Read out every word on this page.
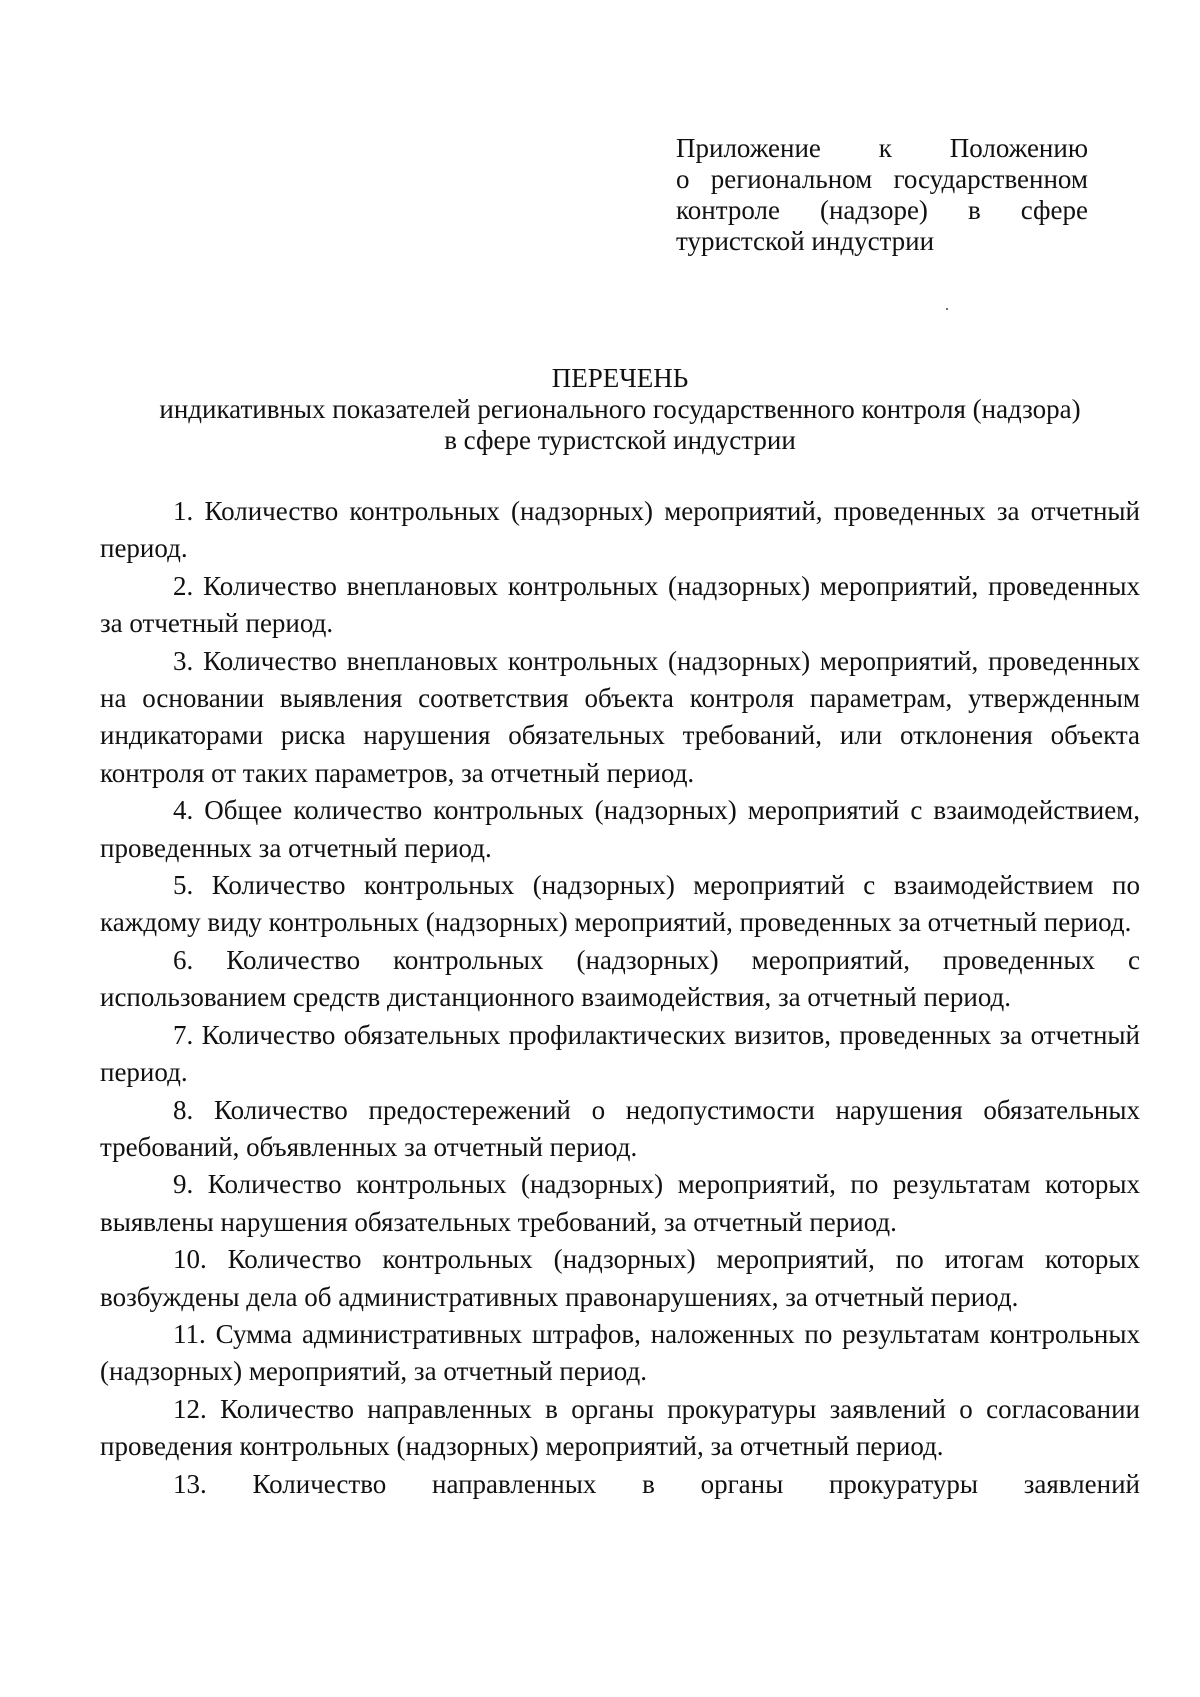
Приложение к Положению
о региональном государственном
контроле (надзоре) в сфере
туристской индустрии
ПЕРЕЧЕНЬ
индикативных показателей регионального государственного контроля (надзора)
в сфере туристской индустрии

1. Количество контрольных (надзорных) мероприятий, проведенных за отчетный период.

2. Количество внеплановых контрольных (надзорных) мероприятий, проведенных за отчетный период.

3. Количество внеплановых контрольных (надзорных) мероприятий, проведенных на основании выявления соответствия объекта контроля параметрам, утвержденным индикаторами риска нарушения обязательных требований, или отклонения объекта контроля от таких параметров, за отчетный период.

4. Общее количество контрольных (надзорных) мероприятий с взаимодействием, проведенных за отчетный период.

5. Количество контрольных (надзорных) мероприятий с взаимодействием по каждому виду контрольных (надзорных) мероприятий, проведенных за отчетный период.

6. Количество контрольных (надзорных) мероприятий, проведенных с использованием средств дистанционного взаимодействия, за отчетный период.

7. Количество обязательных профилактических визитов, проведенных за отчетный период.

8. Количество предостережений о недопустимости нарушения обязательных требований, объявленных за отчетный период.

9. Количество контрольных (надзорных) мероприятий, по результатам которых выявлены нарушения обязательных требований, за отчетный период.

10. Количество контрольных (надзорных) мероприятий, по итогам которых возбуждены дела об административных правонарушениях, за отчетный период.

11. Сумма административных штрафов, наложенных по результатам контрольных (надзорных) мероприятий, за отчетный период.

12. Количество направленных в органы прокуратуры заявлений о согласовании проведения контрольных (надзорных) мероприятий, за отчетный период.

13. Количество направленных в органы прокуратуры заявлений
